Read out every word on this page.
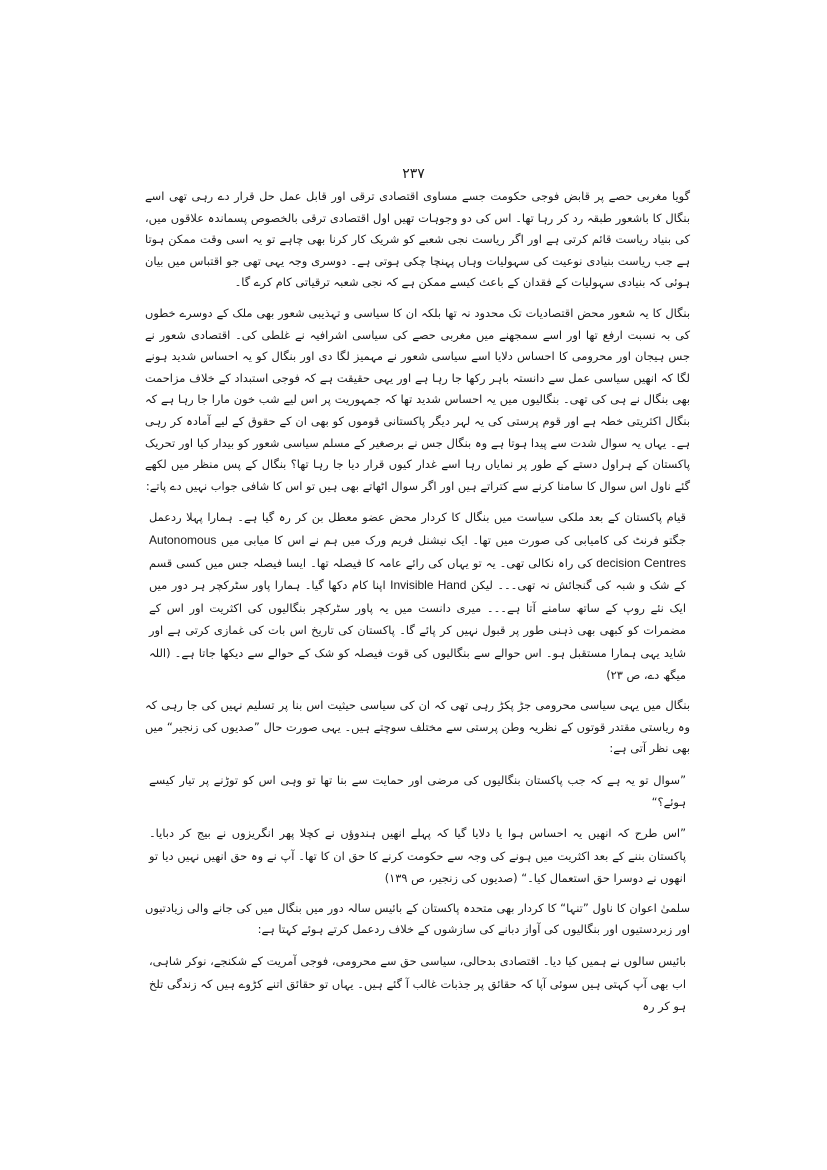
۲۳۷

گویا مغربی حصے پر قابض فوجی حکومت جسے مساوی اقتصادی ترقی اور قابل عمل حل قرار دے رہی تھی اسے بنگال کا باشعور طبقہ رد کر رہا تھا۔ اس کی دو وجوہات تھیں اول اقتصادی ترقی بالخصوص پسماندہ علاقوں میں، کی بنیاد ریاست قائم کرتی ہے اور اگر ریاست نجی شعبے کو شریک کار کرنا بھی چاہے تو یہ اسی وقت ممکن ہوتا ہے جب ریاست بنیادی نوعیت کی سہولیات وہاں پہنچا چکی ہوتی ہے۔ دوسری وجہ یہی تھی جو اقتباس میں بیان ہوئی کہ بنیادی سہولیات کے فقدان کے باعث کیسے ممکن ہے کہ نجی شعبہ ترقیاتی کام کرے گا۔

بنگال کا یہ شعور محض اقتصادیات تک محدود نہ تھا بلکہ ان کا سیاسی و تہذیبی شعور بھی ملک کے دوسرے خطوں کی بہ نسبت ارفع تھا اور اسے سمجھنے میں مغربی حصے کی سیاسی اشرافیہ نے غلطی کی۔ اقتصادی شعور نے جس ہیجان اور محرومی کا احساس دلایا اسے سیاسی شعور نے مہمیز لگا دی اور بنگال کو یہ احساس شدید ہونے لگا کہ انھیں سیاسی عمل سے دانستہ باہر رکھا جا رہا ہے اور یہی حقیقت ہے کہ فوجی استبداد کے خلاف مزاحمت بھی بنگال نے ہی کی تھی۔ بنگالیوں میں یہ احساس شدید تھا کہ جمہوریت پر اس لیے شب خون مارا جا رہا ہے کہ بنگال اکثریتی خطہ ہے اور قوم پرستی کی یہ لہر دیگر پاکستانی قوموں کو بھی ان کے حقوق کے لیے آمادہ کر رہی ہے۔ یہاں یہ سوال شدت سے پیدا ہوتا ہے وہ بنگال جس نے برصغیر کے مسلم سیاسی شعور کو بیدار کیا اور تحریک پاکستان کے ہراول دستے کے طور پر نمایاں رہا اسے غدار کیوں قرار دیا جا رہا تھا؟ بنگال کے پس منظر میں لکھے گئے ناول اس سوال کا سامنا کرنے سے کتراتے ہیں اور اگر سوال اٹھاتے بھی ہیں تو اس کا شافی جواب نہیں دے پاتے:

قیام پاکستان کے بعد ملکی سیاست میں بنگال کا کردار محض عضو معطل بن کر رہ گیا ہے۔ ہمارا پہلا ردعمل جگتو فرنٹ کی کامیابی کی صورت میں تھا۔ ایک نیشنل فریم ورک میں ہم نے اس کا میابی میں Autonomous decision Centres کی راہ نکالی تھی۔ یہ تو یہاں کی رائے عامہ کا فیصلہ تھا۔ ایسا فیصلہ جس میں کسی قسم کے شک و شبہ کی گنجائش نہ تھی۔۔۔ لیکن Invisible Hand اپنا کام دکھا گیا۔ ہمارا پاور سٹرکچر ہر دور میں ایک نئے روپ کے ساتھ سامنے آتا ہے۔۔۔ میری دانست میں یہ پاور سٹرکچر بنگالیوں کی اکثریت اور اس کے مضمرات کو کبھی بھی ذہنی طور پر قبول نہیں کر پائے گا۔ پاکستان کی تاریخ اس بات کی غمازی کرتی ہے اور شاید یہی ہمارا مستقبل ہو۔ اس حوالے سے بنگالیوں کی قوت فیصلہ کو شک کے حوالے سے دیکھا جاتا ہے۔ (اللہ میگھ دے، ص ۲۳)

بنگال میں یہی سیاسی محرومی جڑ پکڑ رہی تھی کہ ان کی سیاسی حیثیت اس بنا پر تسلیم نہیں کی جا رہی کہ وہ ریاستی مقتدر قوتوں کے نظریہ وطن پرستی سے مختلف سوچتے ہیں۔ یہی صورت حال ”صدیوں کی زنجیر“ میں بھی نظر آتی ہے:

”سوال تو یہ ہے کہ جب پاکستان بنگالیوں کی مرضی اور حمایت سے بنا تھا تو وہی اس کو توڑنے پر تیار کیسے ہوئے؟“

”اس طرح کہ انھیں یہ احساس ہوا یا دلایا گیا کہ پہلے انھیں ہندوؤں نے کچلا پھر انگریزوں نے بیج کر دبایا۔ پاکستان بننے کے بعد اکثریت میں ہونے کی وجہ سے حکومت کرنے کا حق ان کا تھا۔ آپ نے وہ حق انھیں نہیں دیا تو انھوں نے دوسرا حق استعمال کیا۔“ (صدیوں کی زنجیر، ص ۱۳۹)

سلمیٰ اعوان کا ناول ”تنہا“ کا کردار بھی متحدہ پاکستان کے بائیس سالہ دور میں بنگال میں کی جانے والی زیادتیوں اور زبردستیوں اور بنگالیوں کی آواز دبانے کی سازشوں کے خلاف ردعمل کرتے ہوئے کہتا ہے:

بائیس سالوں نے ہمیں کیا دیا۔ اقتصادی بدحالی، سیاسی حق سے محرومی، فوجی آمریت کے شکنجے، نوکر شاہی، اب بھی آپ کہتی ہیں سوئی آپا کہ حقائق پر جذبات غالب آ گئے ہیں۔ یہاں تو حقائق اتنے کڑوے ہیں کہ زندگی تلخ ہو کر رہ
